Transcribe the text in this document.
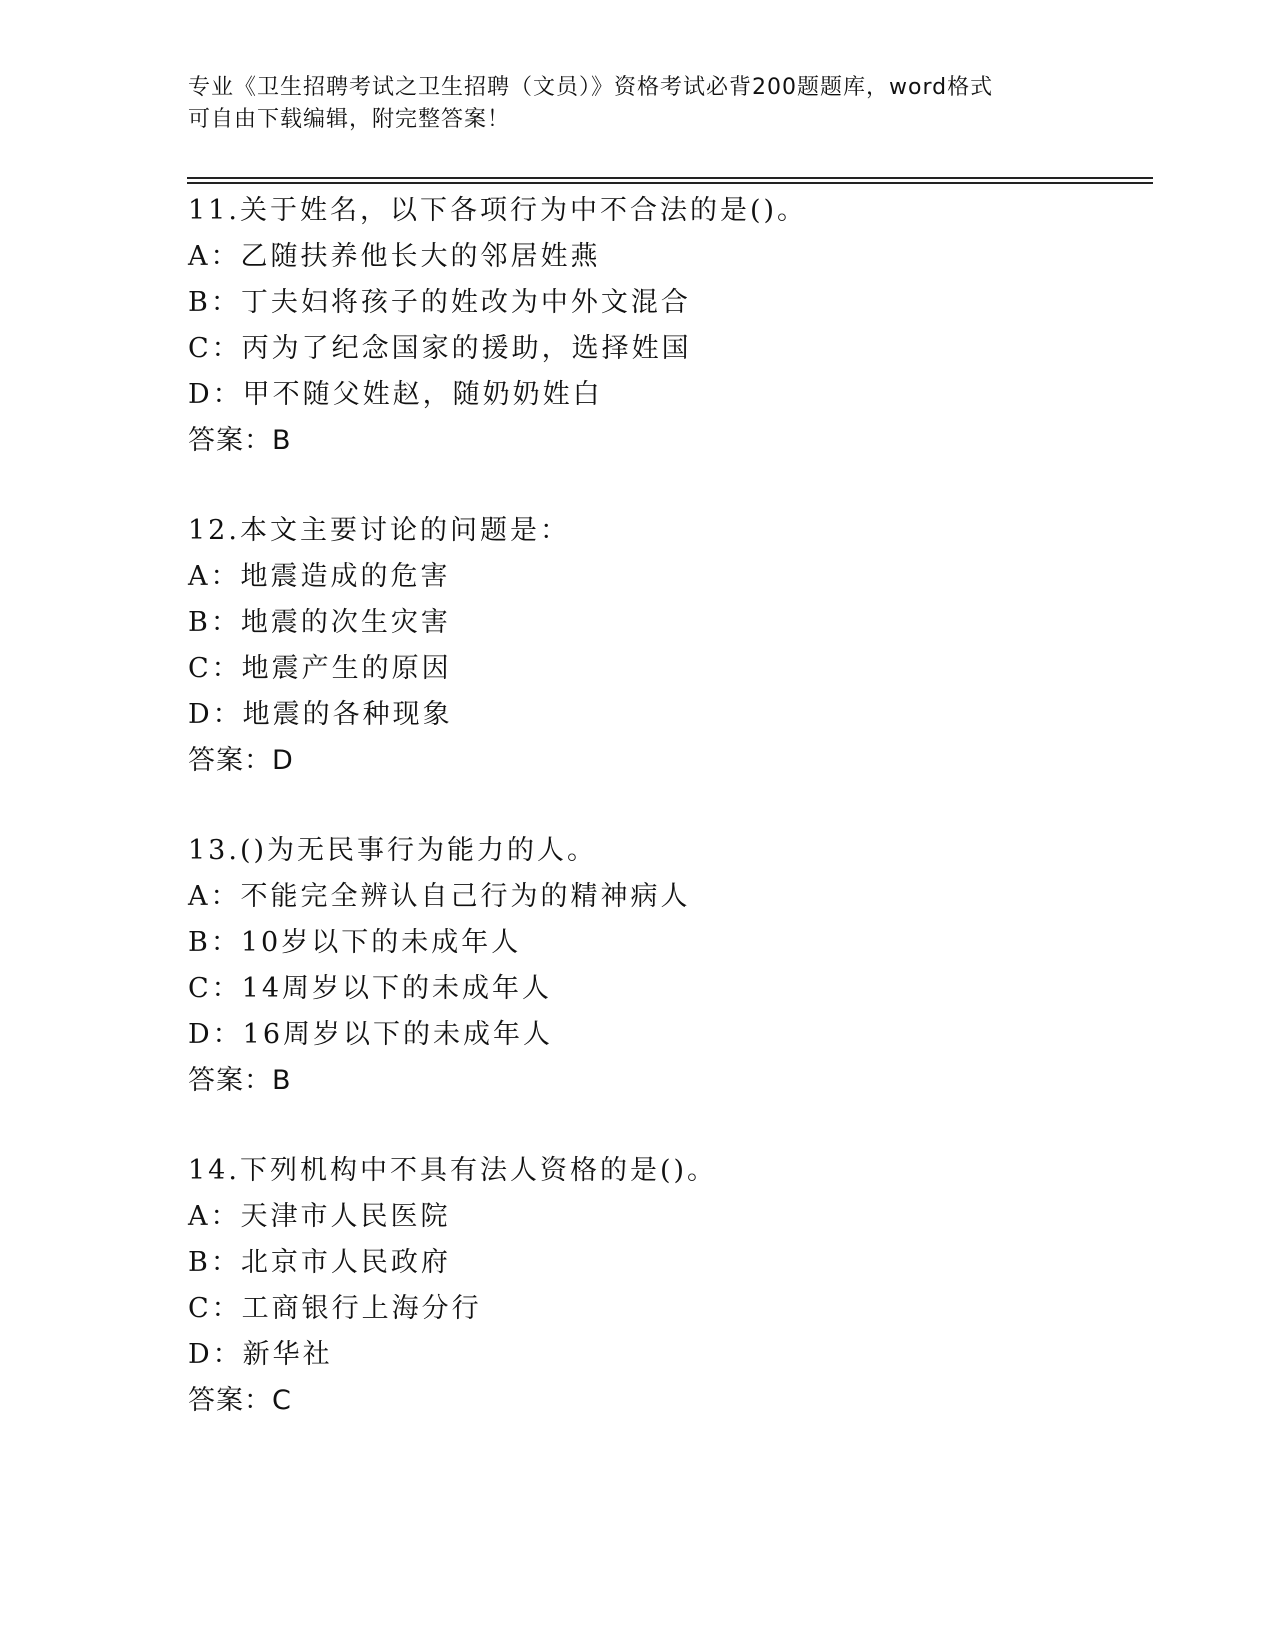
专业《卫生招聘考试之卫生招聘（文员）》资格考试必背200题题库，word格式
可自由下载编辑，附完整答案！
11.关于姓名，以下各项行为中不合法的是()。
A：乙随扶养他长大的邻居姓燕
B：丁夫妇将孩子的姓改为中外文混合
C：丙为了纪念国家的援助，选择姓国
D：甲不随父姓赵，随奶奶姓白
答案：B
12.本文主要讨论的问题是：
A：地震造成的危害
B：地震的次生灾害
C：地震产生的原因
D：地震的各种现象
答案：D
13.()为无民事行为能力的人。
A：不能完全辨认自己行为的精神病人
B：10岁以下的未成年人
C：14周岁以下的未成年人
D：16周岁以下的未成年人
答案：B
14.下列机构中不具有法人资格的是()。
A：天津市人民医院
B：北京市人民政府
C：工商银行上海分行
D：新华社
答案：C
